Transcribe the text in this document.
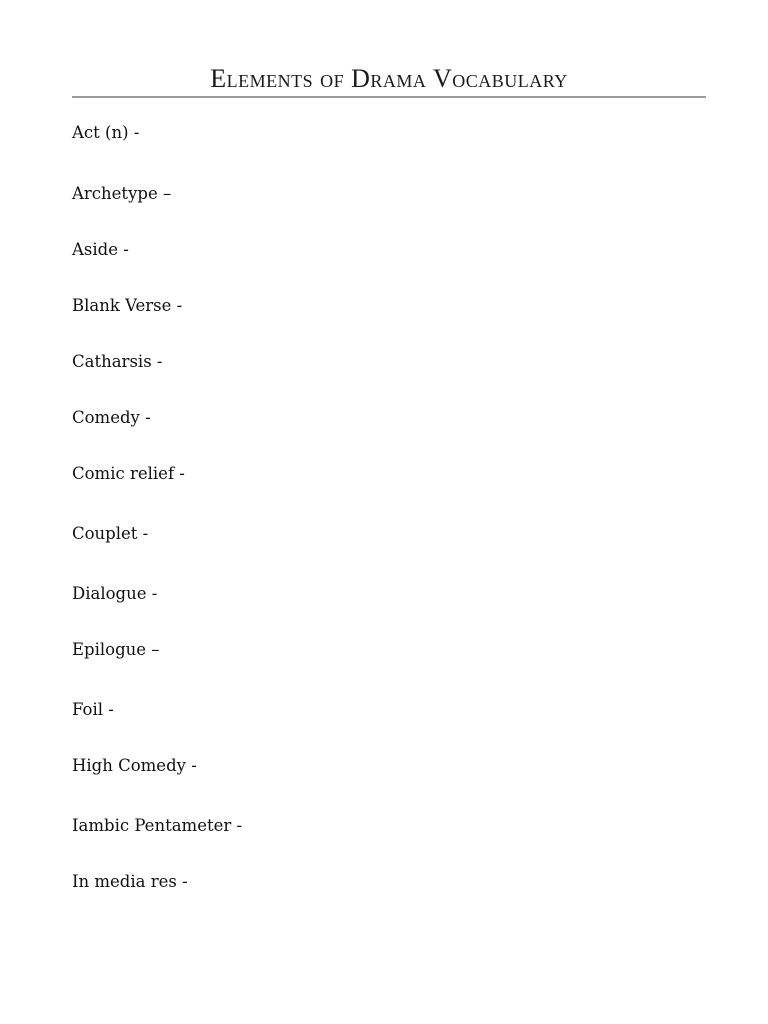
Elements of Drama Vocabulary
Act (n) -
Archetype –
Aside -
Blank Verse -
Catharsis -
Comedy -
Comic relief -
Couplet -
Dialogue -
Epilogue –
Foil -
High Comedy -
Iambic Pentameter -
In media res -
